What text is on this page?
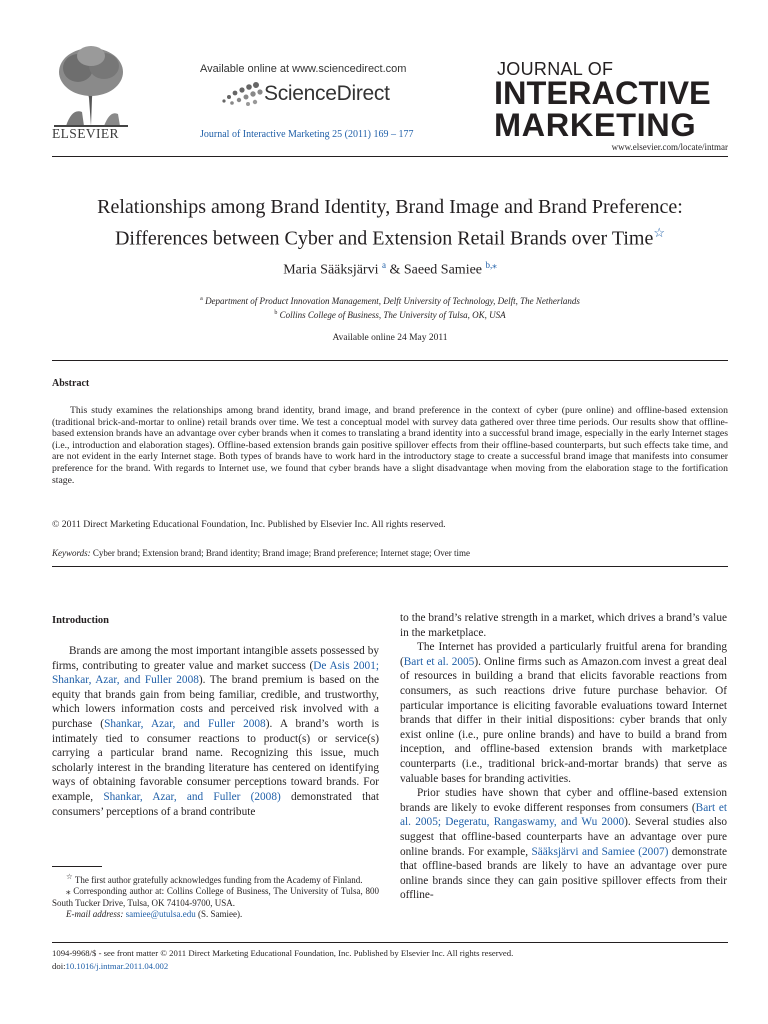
ELSEVIER
Available online at www.sciencedirect.com
ScienceDirect
Journal of Interactive Marketing 25 (2011) 169 – 177
JOURNAL OF
INTERACTIVE
MARKETING
www.elsevier.com/locate/intmar
Relationships among Brand Identity, Brand Image and Brand Preference:
Differences between Cyber and Extension Retail Brands over Time☆
Maria Sääksjärvi $^a$ & Saeed Samiee $^{b,⁎}$
$^a$ Department of Product Innovation Management, Delft University of Technology, Delft, The Netherlands
$^b$ Collins College of Business, The University of Tulsa, OK, USA
Available online 24 May 2011
Abstract
This study examines the relationships among brand identity, brand image, and brand preference in the context of cyber (pure online) and offline-based extension (traditional brick-and-mortar to online) retail brands over time. We test a conceptual model with survey data gathered over three time periods. Our results show that offline-based extension brands have an advantage over cyber brands when it comes to translating a brand identity into a successful brand image, especially in the early Internet stages (i.e., introduction and elaboration stages). Offline-based extension brands gain positive spillover effects from their offline-based counterparts, but such effects take time, and are not evident in the early Internet stage. Both types of brands have to work hard in the introductory stage to create a successful brand image that manifests into consumer preference for the brand. With regards to Internet use, we found that cyber brands have a slight disadvantage when moving from the elaboration stage to the fortification stage.
© 2011 Direct Marketing Educational Foundation, Inc. Published by Elsevier Inc. All rights reserved.
Keywords: Cyber brand; Extension brand; Brand identity; Brand image; Brand preference; Internet stage; Over time
Introduction

Brands are among the most important intangible assets possessed by firms, contributing to greater value and market success (De Asis 2001; Shankar, Azar, and Fuller 2008). The brand premium is based on the equity that brands gain from being familiar, credible, and trustworthy, which lowers information costs and perceived risk involved with a purchase (Shankar, Azar, and Fuller 2008). A brand’s worth is intimately tied to consumer reactions to product(s) or service(s) carrying a particular brand name. Recognizing this issue, much scholarly interest in the branding literature has centered on identifying ways of obtaining favorable consumer perceptions toward brands. For example, Shankar, Azar, and Fuller (2008) demonstrated that consumers’ perceptions of a brand contribute

to the brand’s relative strength in a market, which drives a brand’s value in the marketplace.

The Internet has provided a particularly fruitful arena for branding (Bart et al. 2005). Online firms such as Amazon.com invest a great deal of resources in building a brand that elicits favorable reactions from consumers, as such reactions drive future purchase behavior. Of particular importance is eliciting favorable evaluations toward Internet brands that differ in their initial dispositions: cyber brands that only exist online (i.e., pure online brands) and have to build a brand from inception, and offline-based extension brands with marketplace counterparts (i.e., traditional brick-and-mortar brands) that serve as valuable bases for branding activities.

Prior studies have shown that cyber and offline-based extension brands are likely to evoke different responses from consumers (Bart et al. 2005; Degeratu, Rangaswamy, and Wu 2000). Several studies also suggest that offline-based counterparts have an advantage over pure online brands. For example, Sääksjärvi and Samiee (2007) demonstrate that offline-based brands are likely to have an advantage over pure online brands since they can gain positive spillover effects from their offline-

☆ The first author gratefully acknowledges funding from the Academy of Finland.

⁎ Corresponding author at: Collins College of Business, The University of Tulsa, 800 South Tucker Drive, Tulsa, OK 74104-9700, USA.

E-mail address: samiee@utulsa.edu (S. Samiee).

1094-9968/$ - see front matter © 2011 Direct Marketing Educational Foundation, Inc. Published by Elsevier Inc. All rights reserved.
doi:10.1016/j.intmar.2011.04.002
